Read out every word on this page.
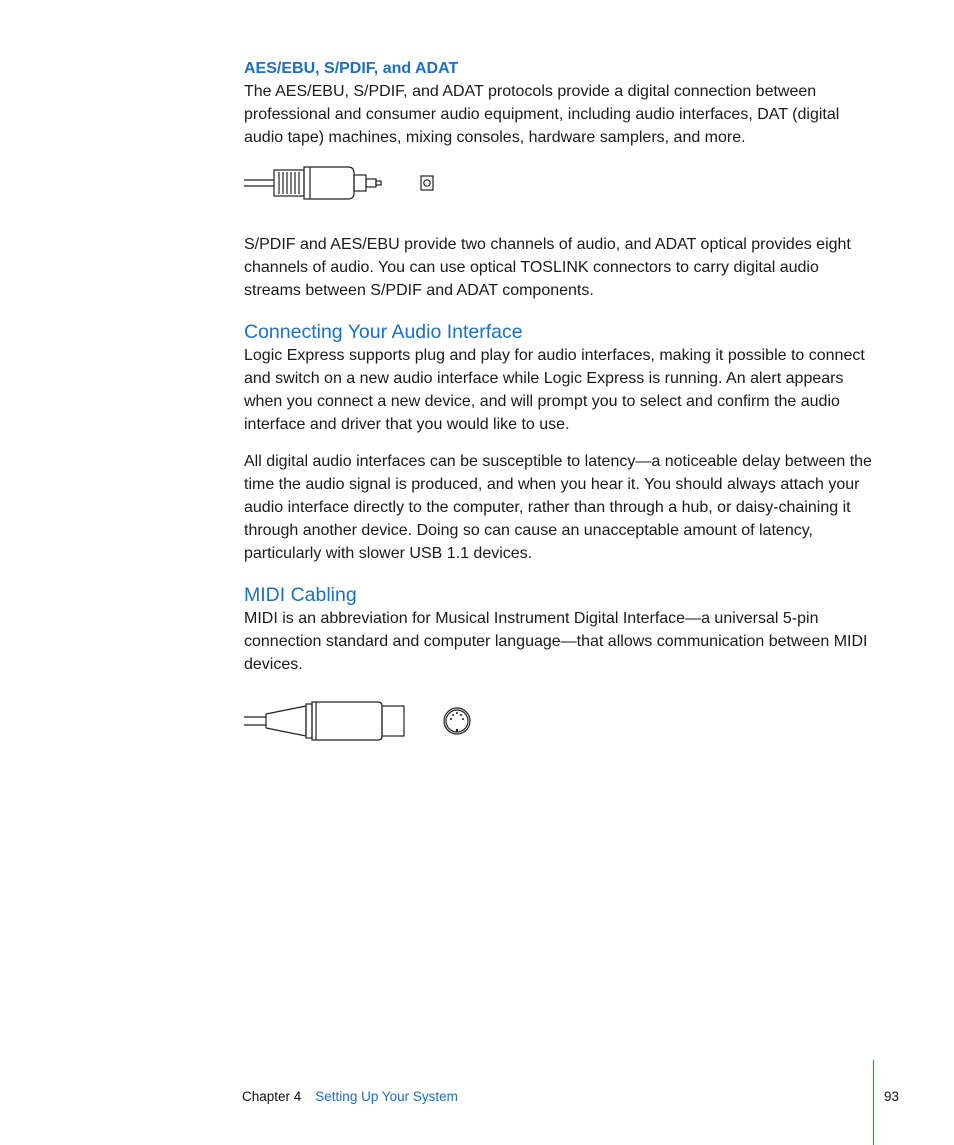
AES/EBU, S/PDIF, and ADAT

The AES/EBU, S/PDIF, and ADAT protocols provide a digital connection between professional and consumer audio equipment, including audio interfaces, DAT (digital audio tape) machines, mixing consoles, hardware samplers, and more.

S/PDIF and AES/EBU provide two channels of audio, and ADAT optical provides eight channels of audio. You can use optical TOSLINK connectors to carry digital audio streams between S/PDIF and ADAT components.

Connecting Your Audio Interface

Logic Express supports plug and play for audio interfaces, making it possible to connect and switch on a new audio interface while Logic Express is running. An alert appears when you connect a new device, and will prompt you to select and confirm the audio interface and driver that you would like to use.

All digital audio interfaces can be susceptible to latency—a noticeable delay between the time the audio signal is produced, and when you hear it. You should always attach your audio interface directly to the computer, rather than through a hub, or daisy-chaining it through another device. Doing so can cause an unacceptable amount of latency, particularly with slower USB 1.1 devices.

MIDI Cabling

MIDI is an abbreviation for Musical Instrument Digital Interface—a universal 5-pin connection standard and computer language—that allows communication between MIDI devices.

Chapter 4 Setting Up Your System	93
